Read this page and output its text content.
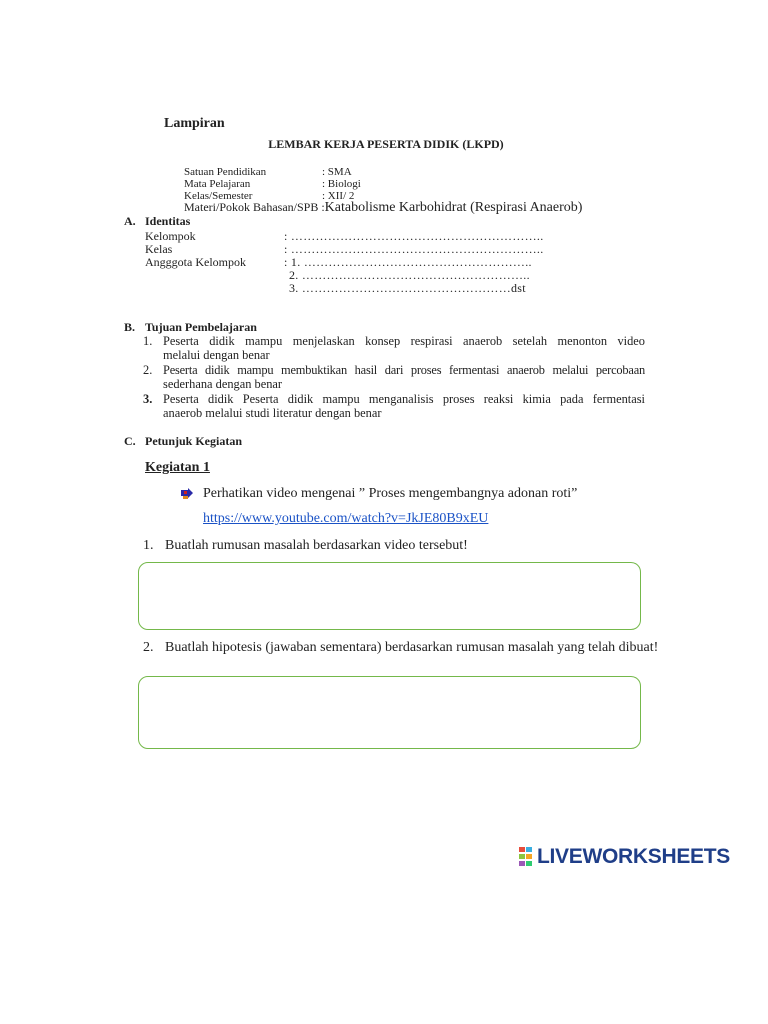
Lampiran
LEMBAR KERJA PESERTA DIDIK (LKPD)
Satuan Pendidikan	: SMA
Mata Pelajaran	: Biologi
Kelas/Semester	: XII/ 2
Materi/Pokok Bahasan/SPB :Katabolisme Karbohidrat (Respirasi Anaerob)
A. Identitas
Kelompok	: ……………………………………………………..
Kelas	: ……………………………………………………..
Angggota Kelompok	: 1. ………………………………………………..
2. ………………………………………………..
3. ……………………………………………dst
B. Tujuan Pembelajaran
1. Peserta didik mampu menjelaskan konsep respirasi anaerob setelah menonton video
melalui dengan benar
2. Peserta didik mampu membuktikan hasil dari proses fermentasi anaerob melalui percobaan
sederhana dengan benar
3. Peserta didik Peserta didik mampu menganalisis proses reaksi kimia pada fermentasi
anaerob melalui studi literatur dengan benar
C. Petunjuk Kegiatan
Kegiatan 1
Perhatikan video mengenai ” Proses mengembangnya adonan roti”
https://www.youtube.com/watch?v=JkJE80B9xEU
1. Buatlah rumusan masalah berdasarkan video tersebut!
2. Buatlah hipotesis (jawaban sementara) berdasarkan rumusan masalah yang telah dibuat!
LIVEWORKSHEETS
